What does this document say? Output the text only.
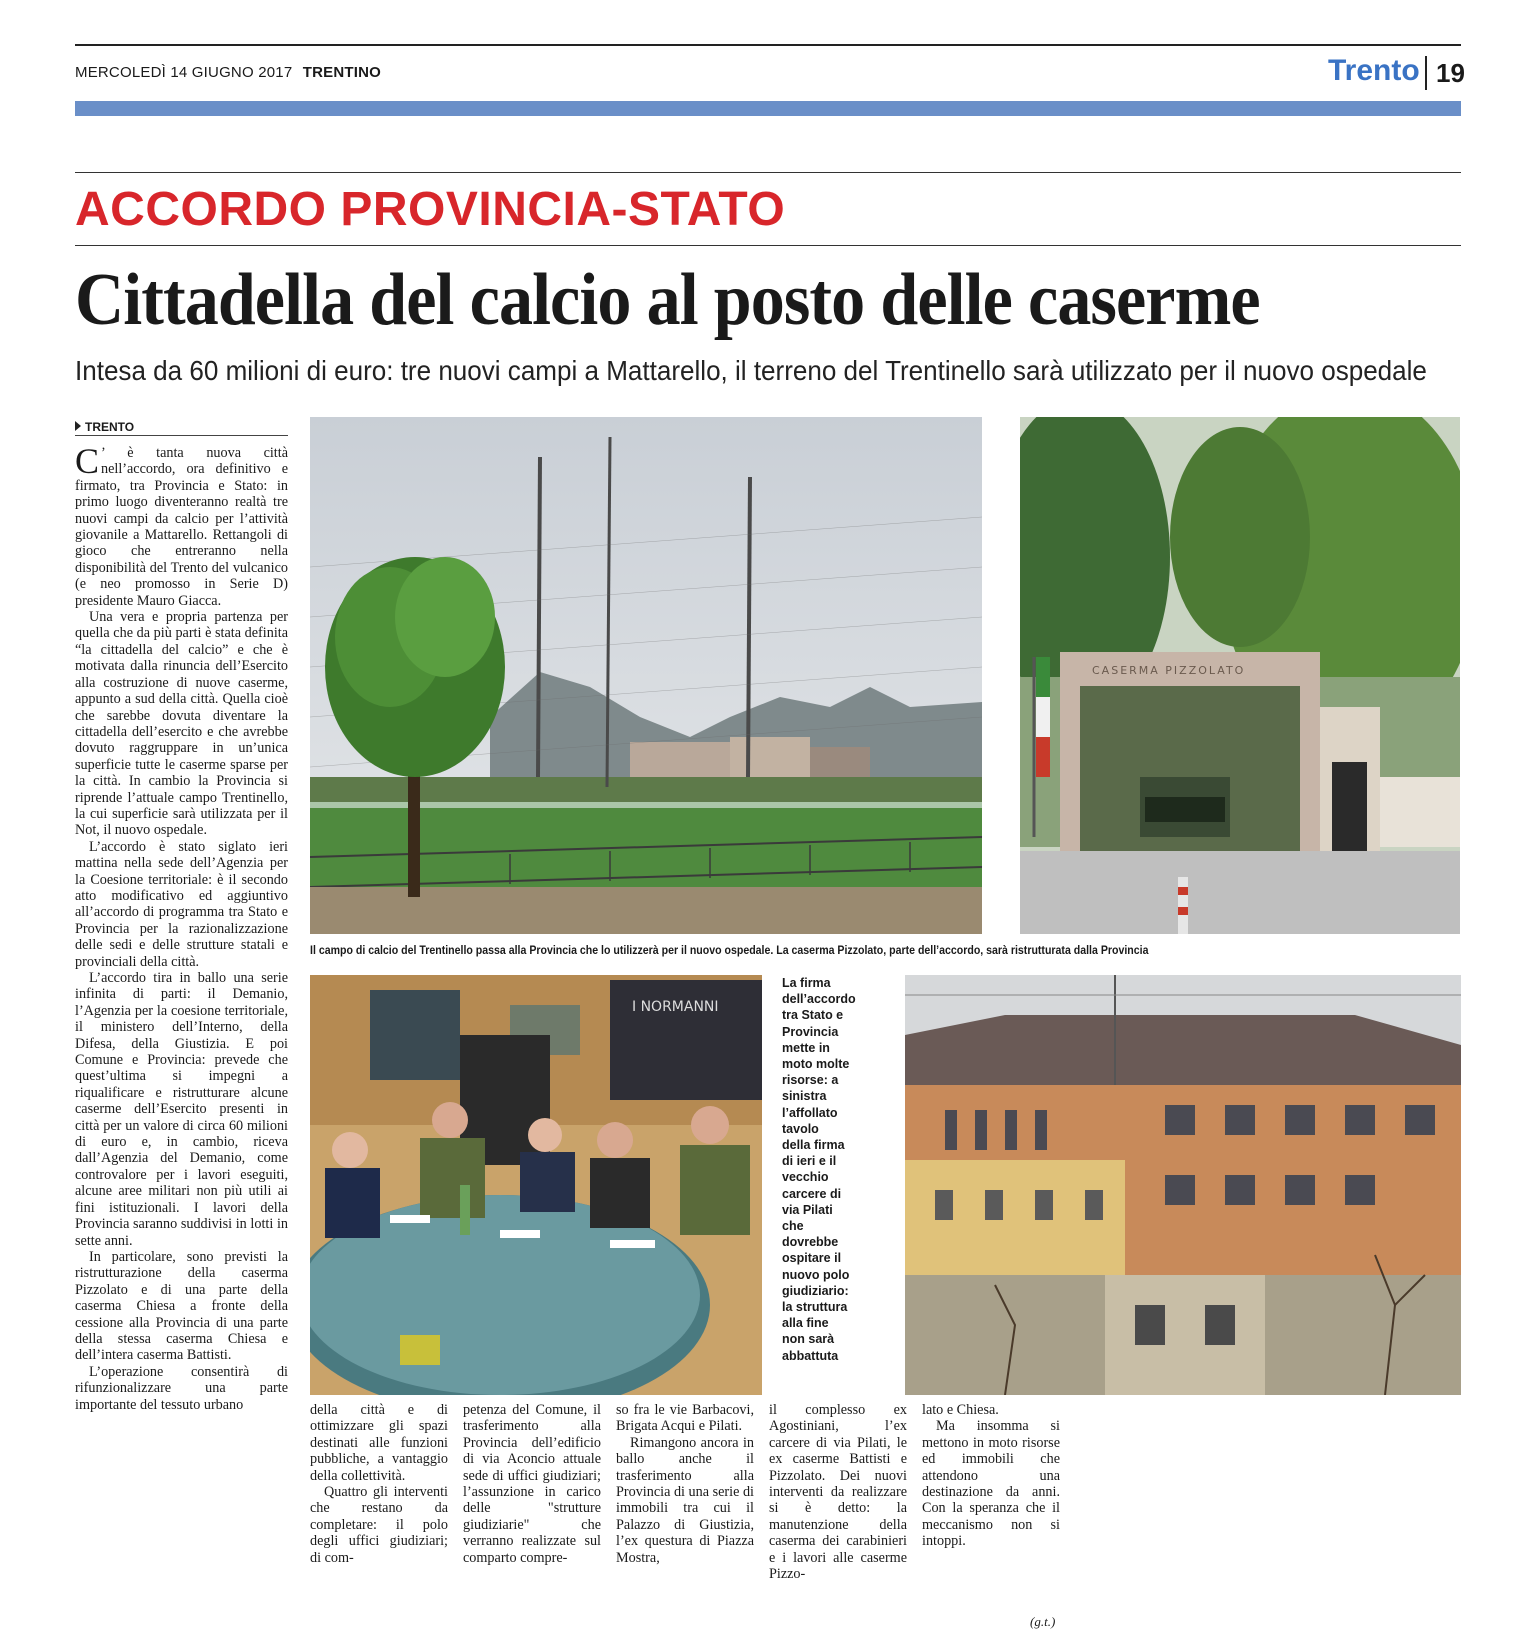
MERCOLEDÌ 14 GIUGNO 2017 TRENTINO	Trento 19
ACCORDO PROVINCIA-STATO
Cittadella del calcio al posto delle caserme
Intesa da 60 milioni di euro: tre nuovi campi a Mattarello, il terreno del Trentinello sarà utilizzato per il nuovo ospedale
TRENTO

C ’ è tanta nuova città nell’accordo, ora definitivo e firmato, tra Provincia e Stato: in primo luogo diventeranno realtà tre nuovi campi da calcio per l’attività giovanile a Mattarello. Rettangoli di gioco che entreranno nella disponibilità del Trento del vulcanico (e neo promosso in Serie D) presidente Mauro Giacca.

Una vera e propria partenza per quella che da più parti è stata definita “la cittadella del calcio” e che è motivata dalla rinuncia dell’Esercito alla costruzione di nuove caserme, appunto a sud della città. Quella cioè che sarebbe dovuta diventare la cittadella dell’esercito e che avrebbe dovuto raggruppare in un’unica superficie tutte le caserme sparse per la città. In cambio la Provincia si riprende l’attuale campo Trentinello, la cui superficie sarà utilizzata per il Not, il nuovo ospedale.

L’accordo è stato siglato ieri mattina nella sede dell’Agenzia per la Coesione territoriale: è il secondo atto modificativo ed aggiuntivo all’accordo di programma tra Stato e Provincia per la razionalizzazione delle sedi e delle strutture statali e provinciali della città.

L’accordo tira in ballo una serie infinita di parti: il Demanio, l’Agenzia per la coesione territoriale, il ministero dell’Interno, della Difesa, della Giustizia. E poi Comune e Provincia: prevede che quest’ultima si impegni a riqualificare e ristrutturare alcune caserme dell’Esercito presenti in città per un valore di circa 60 milioni di euro e, in cambio, riceva dall’Agenzia del Demanio, come controvalore per i lavori eseguiti, alcune aree militari non più utili ai fini istituzionali. I lavori della Provincia saranno suddivisi in lotti in sette anni.

In particolare, sono previsti la ristrutturazione della caserma Pizzolato e di una parte della caserma Chiesa a fronte della cessione alla Provincia di una parte della stessa caserma Chiesa e dell’intera caserma Battisti.

L’operazione consentirà di rifunzionalizzare una parte importante del tessuto urbano

CASERMA PIZZOLATO
Il campo di calcio del Trentinello passa alla Provincia che lo utilizzerà per il nuovo ospedale. La caserma Pizzolato, parte dell’accordo, sarà ristrutturata dalla Provincia
I NORMANNI
La firma dell’accordo tra Stato e Provincia mette in moto molte risorse: a sinistra l’affollato tavolo della firma di ieri e il vecchio carcere di via Pilati che dovrebbe ospitare il nuovo polo giudiziario: la struttura alla fine non sarà abbattuta

della città e di ottimizzare gli spazi destinati alle funzioni pubbliche, a vantaggio della collettività.

Quattro gli interventi che restano da completare: il polo degli uffici giudiziari; di com-

petenza del Comune, il trasferimento alla Provincia dell’edificio di via Aconcio attuale sede di uffici giudiziari; l’assunzione in carico delle "strutture giudiziarie" che verranno realizzate sul comparto compre-

so fra le vie Barbacovi, Brigata Acqui e Pilati.

Rimangono ancora in ballo anche il trasferimento alla Provincia di una serie di immobili tra cui il Palazzo di Giustizia, l’ex questura di Piazza Mostra,

il complesso ex Agostiniani, l’ex carcere di via Pilati, le ex caserme Battisti e Pizzolato. Dei nuovi interventi da realizzare si è detto: la manutenzione della caserma dei carabinieri e i lavori alle caserme Pizzo-

lato e Chiesa.

Ma insomma si mettono in moto risorse ed immobili che attendono una destinazione da anni. Con la speranza che il meccanismo non si intoppi.

(g.t.)
